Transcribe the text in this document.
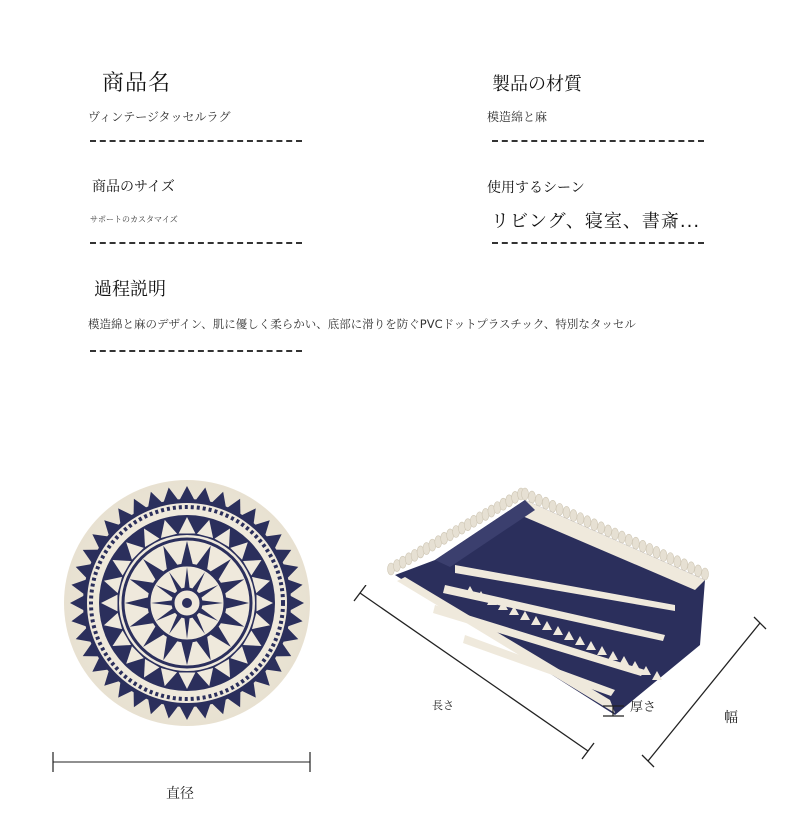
商品名
ヴィンテージタッセルラグ
製品の材質
模造綿と麻
商品のサイズ
サポートのカスタマイズ
使用するシーン
リビング、寝室、書斎...
過程説明
模造綿と麻のデザイン、肌に優しく柔らかい、底部に滑りを防ぐPVCドットプラスチック、特別なタッセル
直径
長さ	厚さ
幅
